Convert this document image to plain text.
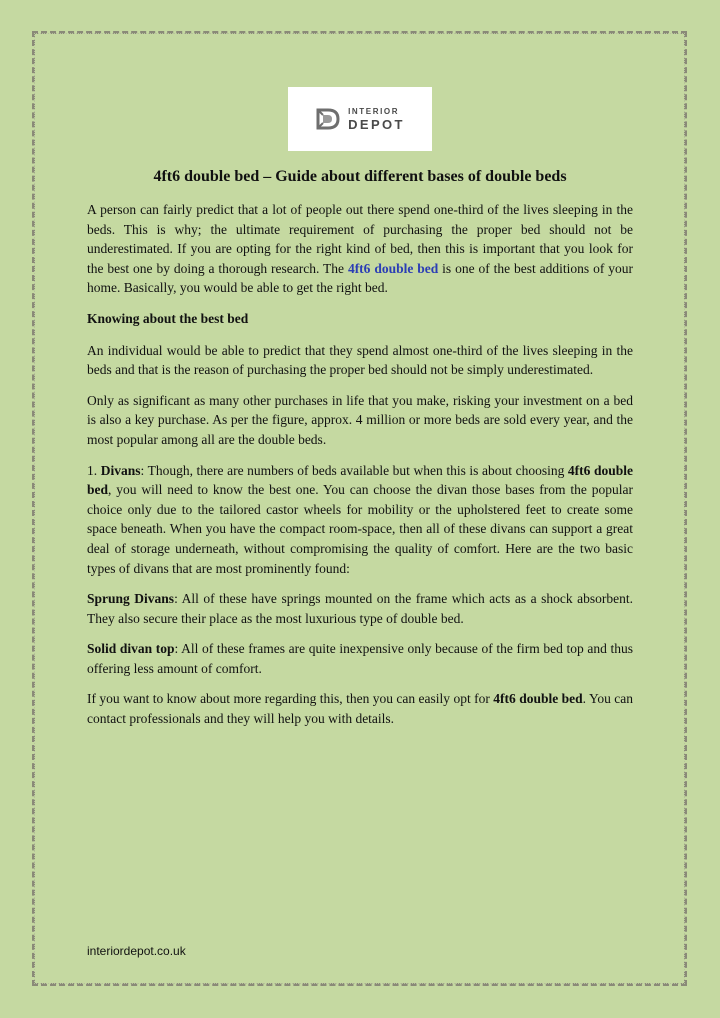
INTERIOR
DEPOT
4ft6 double bed – Guide about different bases of double beds

A person can fairly predict that a lot of people out there spend one-third of the lives sleeping in the beds. This is why; the ultimate requirement of purchasing the proper bed should not be underestimated. If you are opting for the right kind of bed, then this is important that you look for the best one by doing a thorough research. The 4ft6 double bed is one of the best additions of your home. Basically, you would be able to get the right bed.

Knowing about the best bed

An individual would be able to predict that they spend almost one-third of the lives sleeping in the beds and that is the reason of purchasing the proper bed should not be simply underestimated.

Only as significant as many other purchases in life that you make, risking your investment on a bed is also a key purchase. As per the figure, approx. 4 million or more beds are sold every year, and the most popular among all are the double beds.

1. Divans: Though, there are numbers of beds available but when this is about choosing 4ft6 double bed, you will need to know the best one. You can choose the divan those bases from the popular choice only due to the tailored castor wheels for mobility or the upholstered feet to create some space beneath. When you have the compact room-space, then all of these divans can support a great deal of storage underneath, without compromising the quality of comfort. Here are the two basic types of divans that are most prominently found:

Sprung Divans: All of these have springs mounted on the frame which acts as a shock absorbent. They also secure their place as the most luxurious type of double bed.

Solid divan top: All of these frames are quite inexpensive only because of the firm bed top and thus offering less amount of comfort.

If you want to know about more regarding this, then you can easily opt for 4ft6 double bed. You can contact professionals and they will help you with details.

interiordepot.co.uk
